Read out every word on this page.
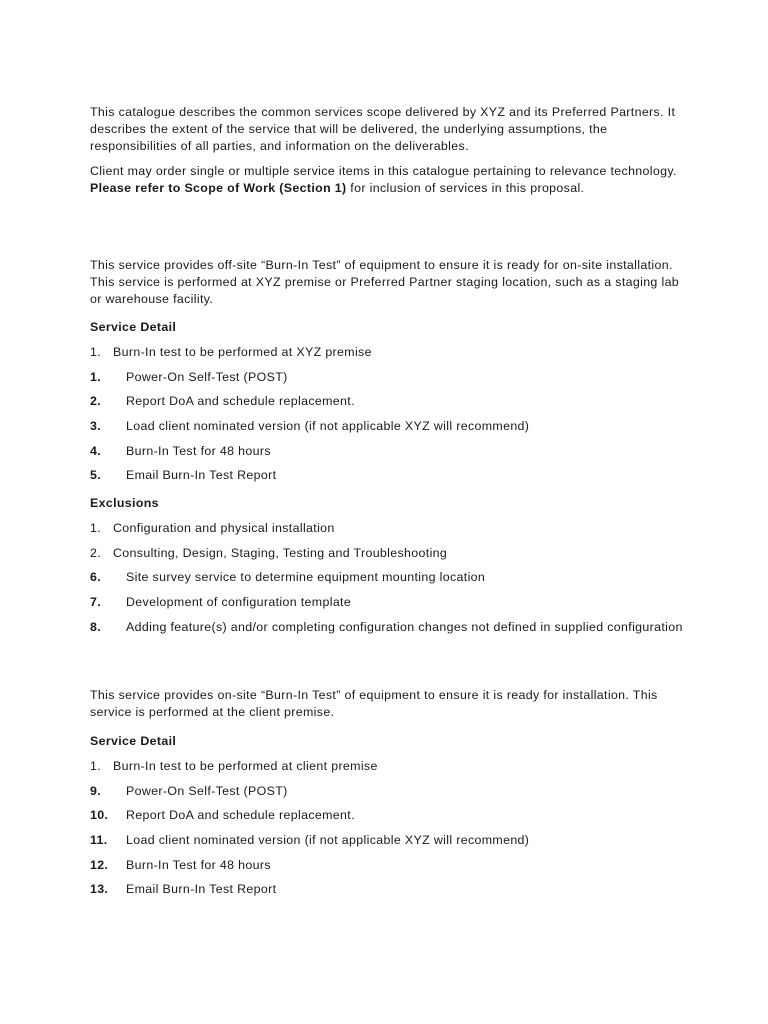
This catalogue describes the common services scope delivered by XYZ and its Preferred Partners. It describes the extent of the service that will be delivered, the underlying assumptions, the responsibilities of all parties, and information on the deliverables.

Client may order single or multiple service items in this catalogue pertaining to relevance technology.  Please refer to Scope of Work (Section 1) for inclusion of services in this proposal.

This service provides off-site “Burn-In Test” of equipment to ensure it is ready for on-site installation. This service is performed at XYZ premise or Preferred Partner staging location, such as a staging lab or warehouse facility.

Service Detail

1. Burn-In test to be performed at XYZ premise
1. Power-On Self-Test (POST)
2. Report DoA and schedule replacement.
3. Load client nominated version (if not applicable XYZ will recommend)
4. Burn-In Test for 48 hours
5. Email Burn-In Test Report

Exclusions

1. Configuration and physical installation
2. Consulting, Design, Staging, Testing and Troubleshooting
6. Site survey service to determine equipment mounting location
7. Development of configuration template
8. Adding feature(s) and/or completing configuration changes not defined in supplied configuration

This service provides on-site “Burn-In Test” of equipment to ensure it is ready for installation. This service is performed at the client premise.

Service Detail

1. Burn-In test to be performed at client premise
9. Power-On Self-Test (POST)
10. Report DoA and schedule replacement.
11. Load client nominated version (if not applicable XYZ will recommend)
12. Burn-In Test for 48 hours
13. Email Burn-In Test Report
